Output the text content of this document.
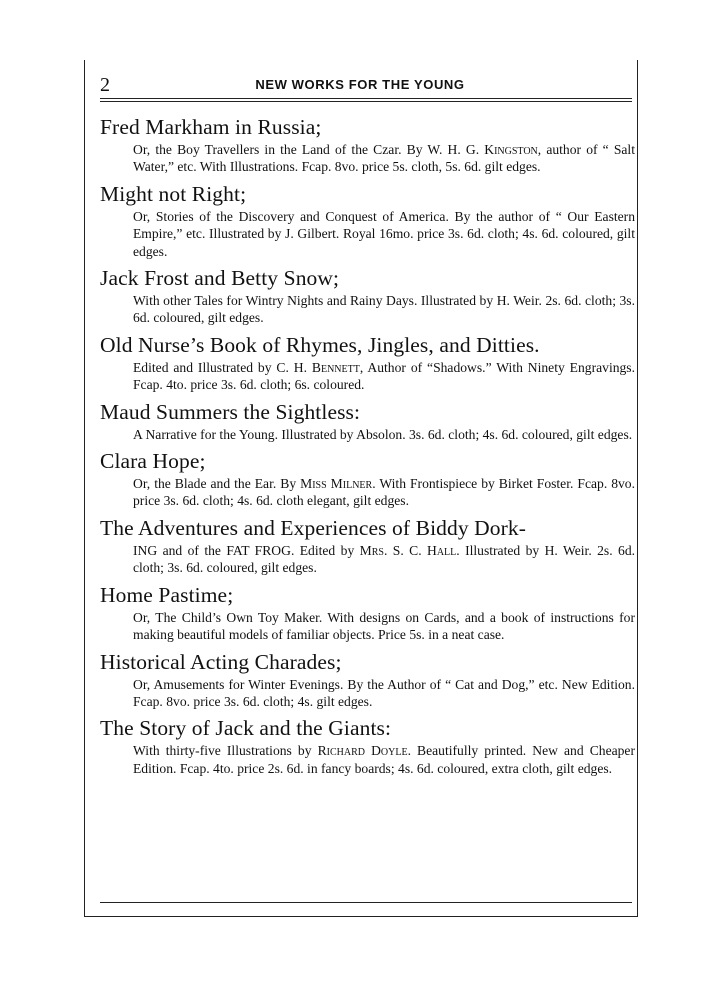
2	NEW WORKS FOR THE YOUNG
Fred Markham in Russia;
Or, the Boy Travellers in the Land of the Czar. By W. H. G. Kingston, author of “ Salt Water,” etc. With Illustrations. Fcap. 8vo. price 5s. cloth, 5s. 6d. gilt edges.
Might not Right;
Or, Stories of the Discovery and Conquest of America. By the author of “ Our Eastern Empire,” etc. Illustrated by J. Gilbert. Royal 16mo. price 3s. 6d. cloth; 4s. 6d. coloured, gilt edges.
Jack Frost and Betty Snow;
With other Tales for Wintry Nights and Rainy Days. Illustrated by H. Weir. 2s. 6d. cloth; 3s. 6d. coloured, gilt edges.
Old Nurse’s Book of Rhymes, Jingles, and Ditties.
Edited and Illustrated by C. H. Bennett, Author of “Shadows.” With Ninety Engravings. Fcap. 4to. price 3s. 6d. cloth; 6s. coloured.
Maud Summers the Sightless:
A Narrative for the Young. Illustrated by Absolon. 3s. 6d. cloth; 4s. 6d. coloured, gilt edges.
Clara Hope;
Or, the Blade and the Ear. By Miss Milner. With Frontispiece by Birket Foster. Fcap. 8vo. price 3s. 6d. cloth; 4s. 6d. cloth elegant, gilt edges.
The Adventures and Experiences of Biddy Dork-
ING and of the FAT FROG. Edited by Mrs. S. C. Hall. Illustrated by H. Weir. 2s. 6d. cloth; 3s. 6d. coloured, gilt edges.
Home Pastime;
Or, The Child’s Own Toy Maker. With designs on Cards, and a book of instructions for making beautiful models of familiar objects. Price 5s. in a neat case.
Historical Acting Charades;
Or, Amusements for Winter Evenings. By the Author of “ Cat and Dog,” etc. New Edition. Fcap. 8vo. price 3s. 6d. cloth; 4s. gilt edges.
The Story of Jack and the Giants:
With thirty-five Illustrations by Richard Doyle. Beautifully printed. New and Cheaper Edition. Fcap. 4to. price 2s. 6d. in fancy boards; 4s. 6d. coloured, extra cloth, gilt edges.
